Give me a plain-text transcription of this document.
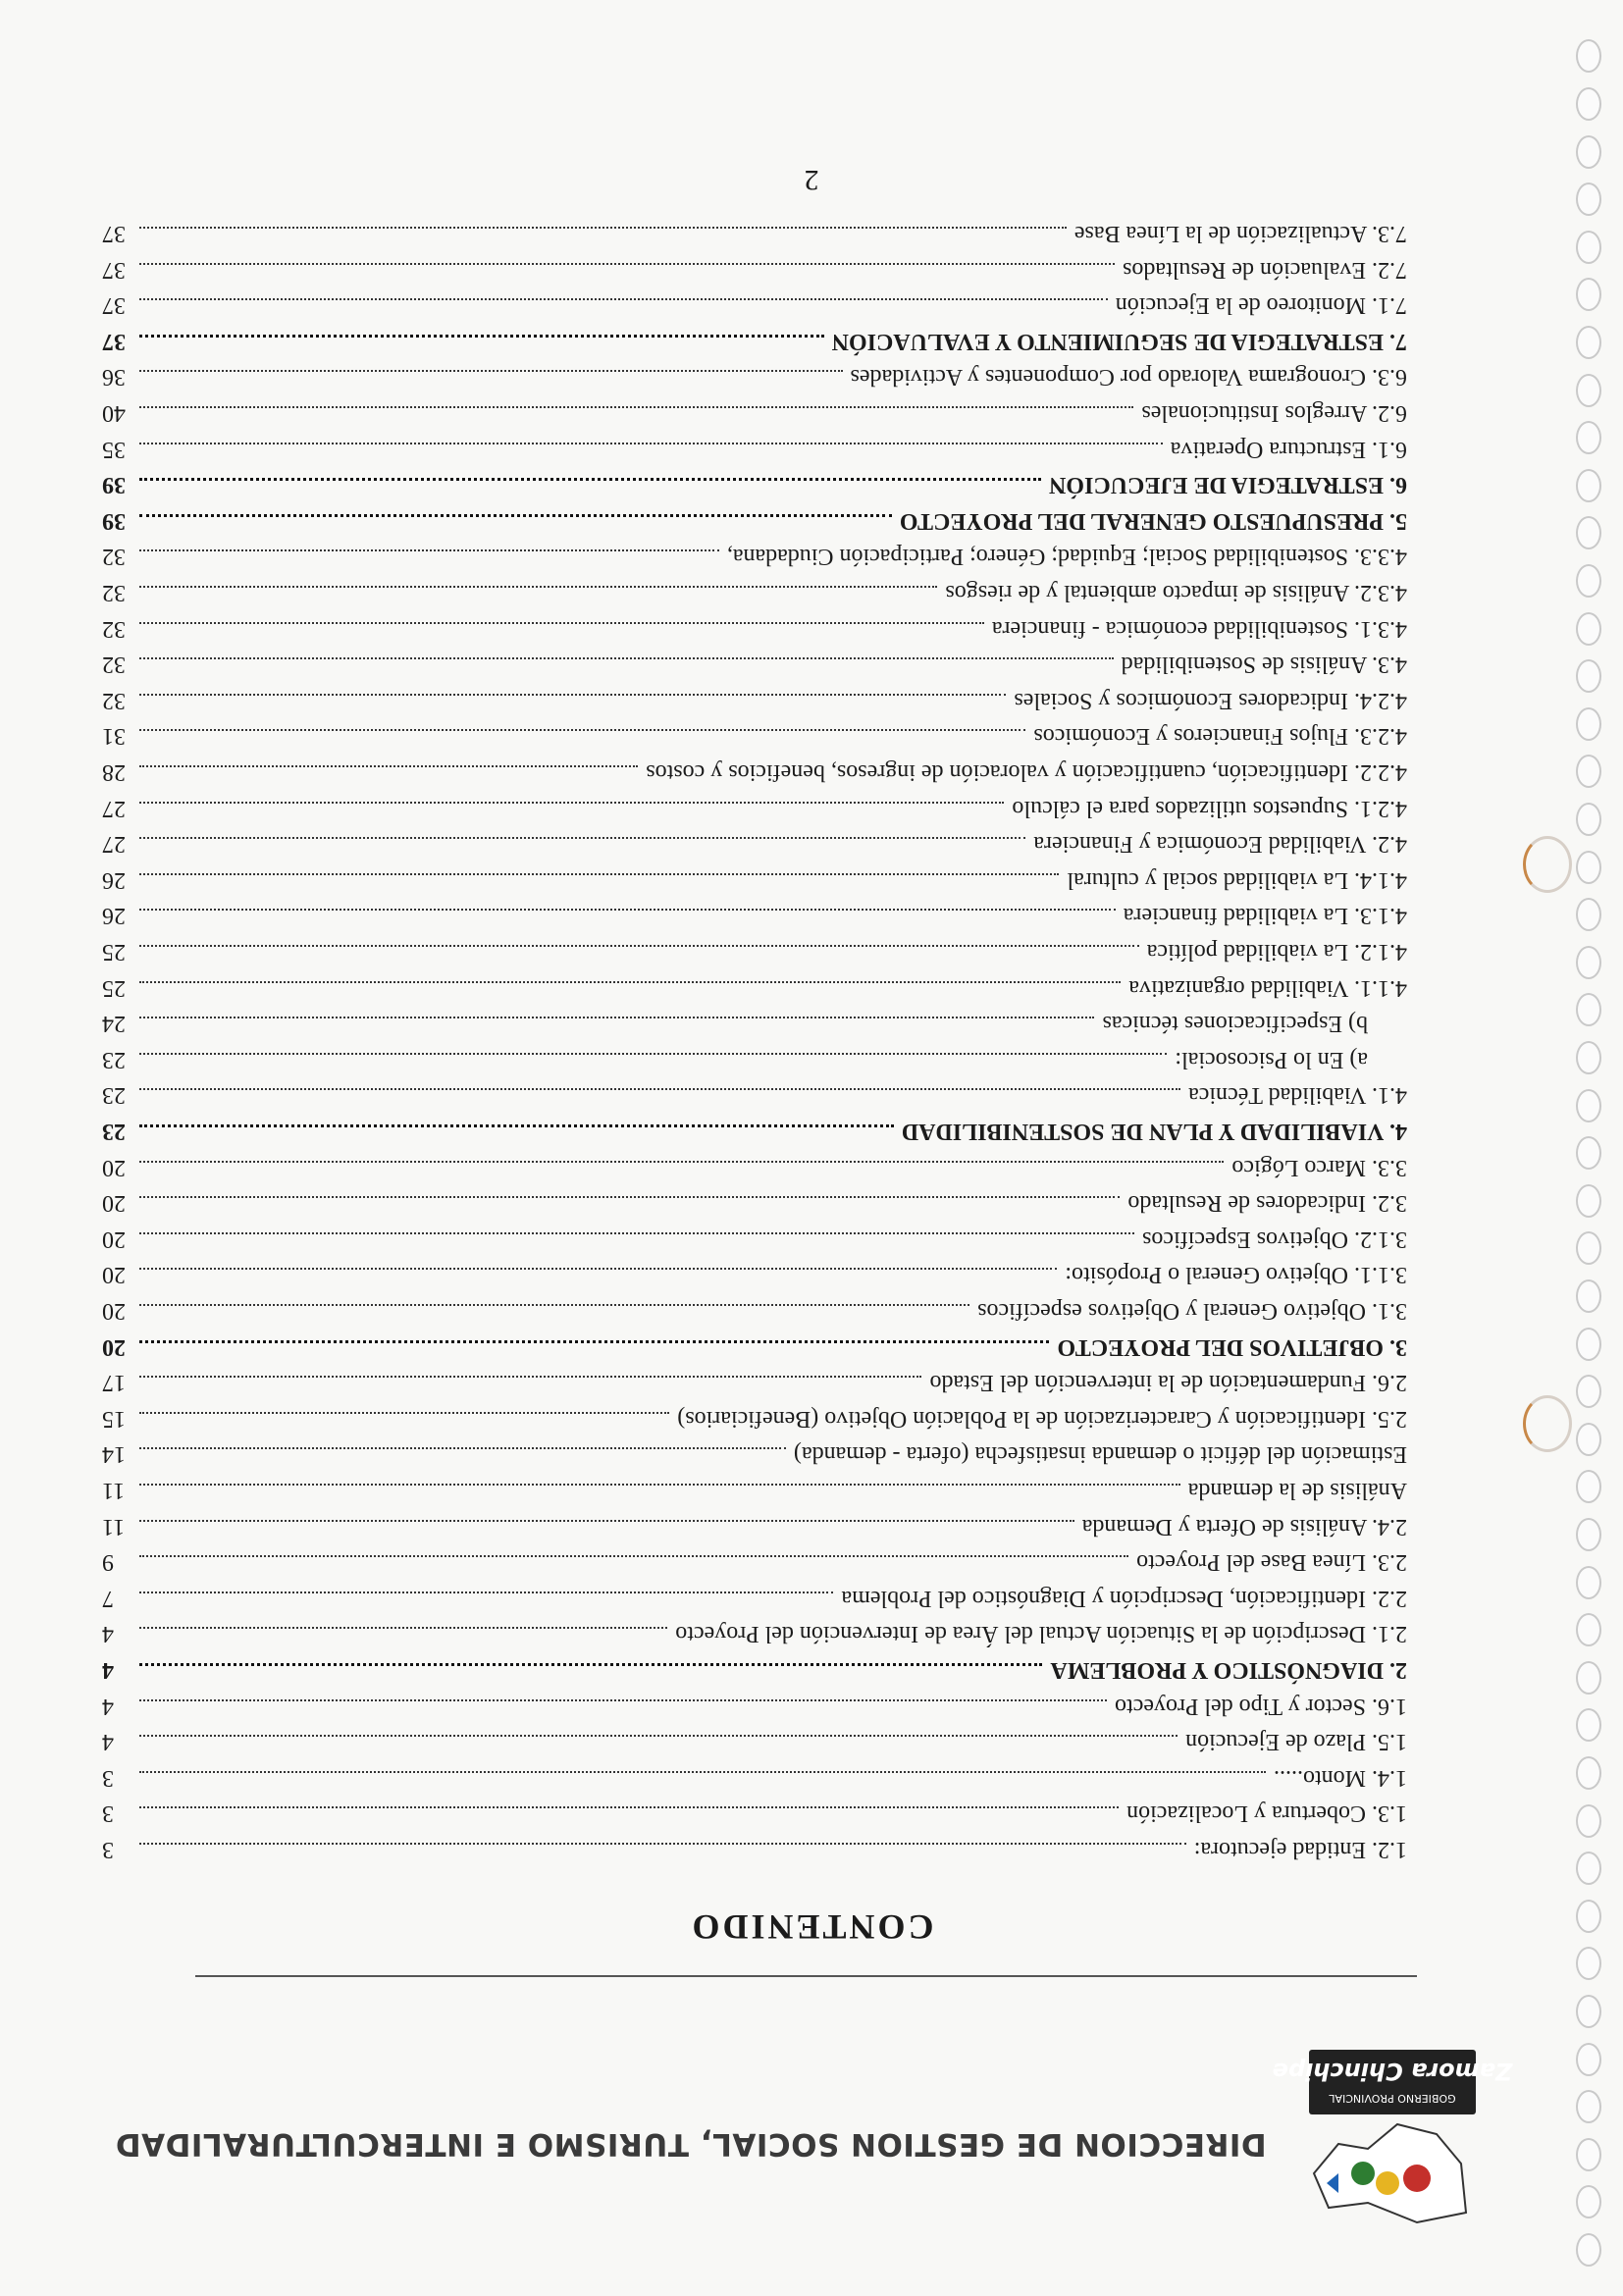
GOBIERNO PROVINCIAL
Zamora Chinchipe
DIRECCION DE GESTION SOCIAL, TURISMO E INTERCULTURALIDAD
CONTENIDO
1.2. Entidad ejecutora:
3
1.3. Cobertura y Localización
3
1.4. Monto.....
3
1.5. Plazo de Ejecución
4
1.6. Sector y Tipo del Proyecto
4
2. DIAGNÓSTICO Y PROBLEMA
4
2.1. Descripción de la Situación Actual del Área de Intervención del Proyecto
4
2.2. Identificación, Descripción y Diagnóstico del Problema
7
2.3. Línea Base del Proyecto
9
2.4. Análisis de Oferta y Demanda
11
Análisis de la demanda
11
Estimación del déficit o demanda insatisfecha (oferta - demanda)
14
2.5. Identificación y Caracterización de la Población Objetivo (Beneficiarios)
15
2.6. Fundamentación de la intervención del Estado
17
3. OBJETIVOS DEL PROYECTO
20
3.1. Objetivo General y Objetivos específicos
20
3.1.1. Objetivo General o Propósito:
20
3.1.2. Objetivos Específicos
20
3.2. Indicadores de Resultado
20
3.3. Marco Lógico
20
4. VIABILIDAD Y PLAN DE SOSTENIBILIDAD
23
4.1. Viabilidad Técnica
23
a) En lo Psicosocial:
23
b) Especificaciones técnicas
24
4.1.1. Viabilidad organizativa
25
4.1.2. La viabilidad política
25
4.1.3. La viabilidad financiera
26
4.1.4. La viabilidad social y cultural
26
4.2. Viabilidad Económica y Financiera
27
4.2.1. Supuestos utilizados para el cálculo
27
4.2.2. Identificación, cuantificación y valoración de ingresos, beneficios y costos
28
4.2.3. Flujos Financieros y Económicos
31
4.2.4. Indicadores Económicos y Sociales
32
4.3. Análisis de Sostenibilidad
32
4.3.1. Sostenibilidad económica - financiera
32
4.3.2. Análisis de impacto ambiental y de riesgos
32
4.3.3. Sostenibilidad Social; Equidad; Género; Participación Ciudadana,
32
5. PRESUPUESTO GENERAL DEL PROYECTO
39
6. ESTRATEGIA DE EJECUCIÓN
39
6.1. Estructura Operativa
35
6.2. Arreglos Institucionales
40
6.3. Cronograma Valorado por Componentes y Actividades
36
7. ESTRATEGIA DE SEGUIMIENTO Y EVALUACIÓN
37
7.1. Monitoreo de la Ejecución
37
7.2. Evaluación de Resultados
37
7.3. Actualización de la Línea Base
37
2
